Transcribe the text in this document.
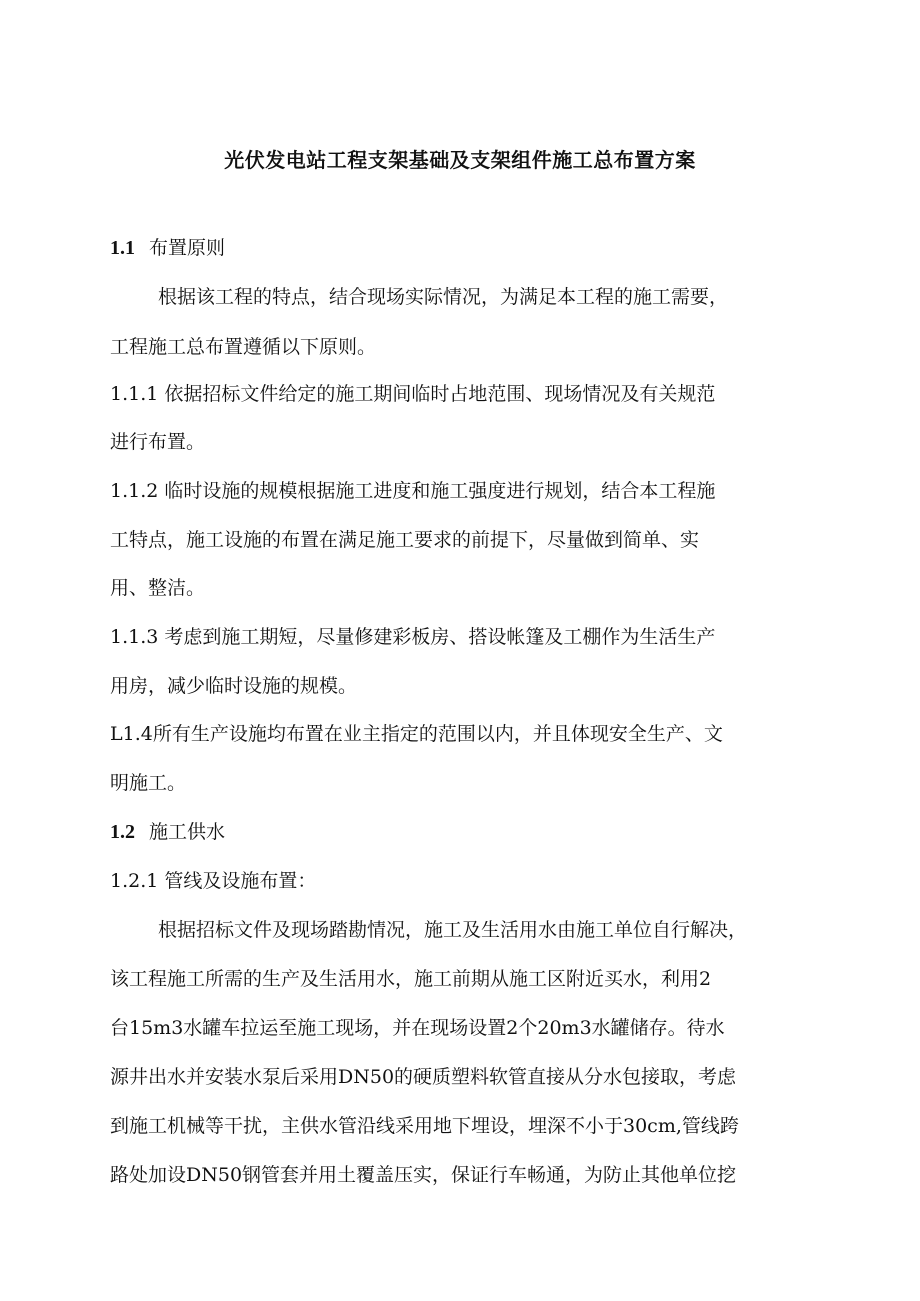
光伏发电站工程支架基础及支架组件施工总布置方案
1.1 布置原则
根据该工程的特点，结合现场实际情况，为满足本工程的施工需要，
工程施工总布置遵循以下原则。
1.1.1 依据招标文件给定的施工期间临时占地范围、现场情况及有关规范
进行布置。
1.1.2 临时设施的规模根据施工进度和施工强度进行规划，结合本工程施
工特点，施工设施的布置在满足施工要求的前提下，尽量做到简单、实
用、整洁。
1.1.3 考虑到施工期短，尽量修建彩板房、搭设帐篷及工棚作为生活生产
用房，减少临时设施的规模。
L1.4所有生产设施均布置在业主指定的范围以内，并且体现安全生产、文
明施工。
1.2 施工供水
1.2.1 管线及设施布置：
根据招标文件及现场踏勘情况，施工及生活用水由施工单位自行解决，
该工程施工所需的生产及生活用水，施工前期从施工区附近买水，利用2
台15m3水罐车拉运至施工现场，并在现场设置2个20m3水罐储存。待水
源井出水并安装水泵后采用DN50的硬质塑料软管直接从分水包接取，考虑
到施工机械等干扰，主供水管沿线采用地下埋设，埋深不小于30cm,管线跨
路处加设DN50钢管套并用土覆盖压实，保证行车畅通，为防止其他单位挖
